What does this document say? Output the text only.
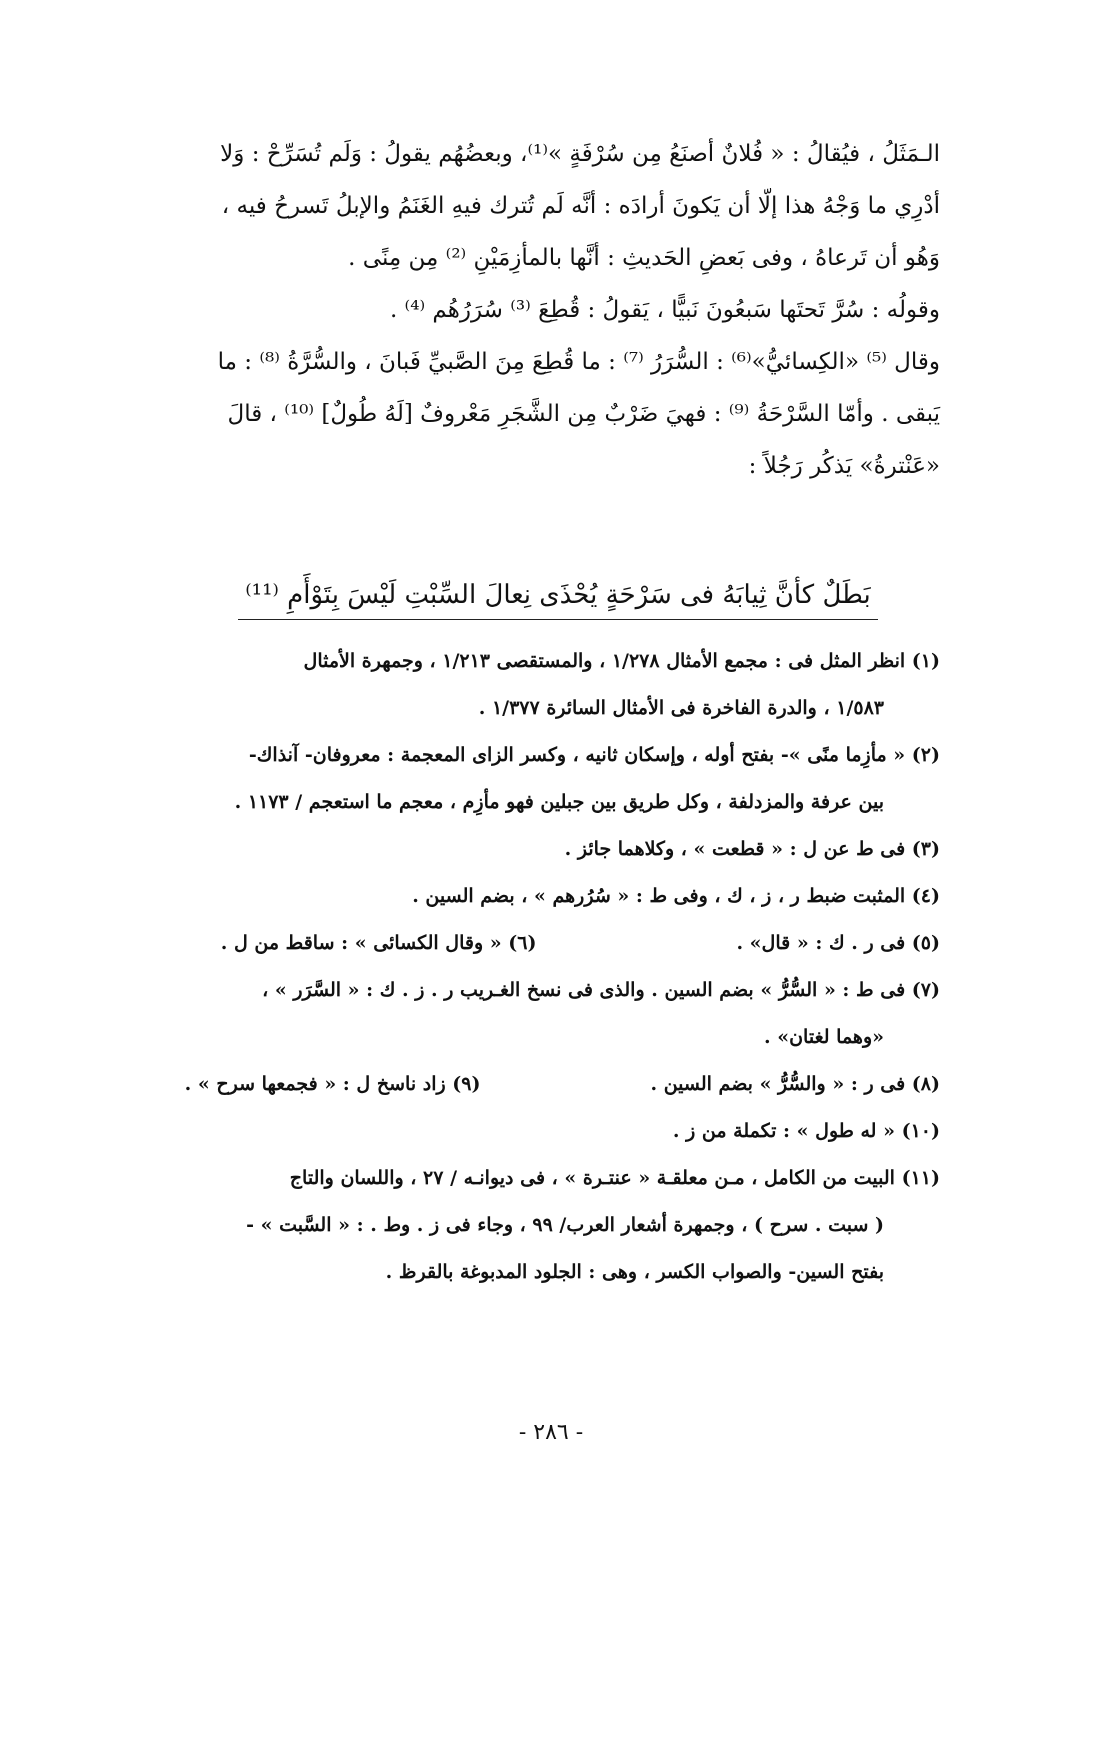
الـمَثَلُ ، فيُقالُ : « فُلانٌ أصنَعُ مِن سُرْفَةٍ »⁽¹⁾، وبعضُهُم يقولُ : وَلَم تُسَرِّحْ : وَلا

أدْرِي ما وَجْهُ هذا إلّا أن يَكونَ أرادَه : أنَّه لَم تُترك فيهِ الغَنَمُ والإبلُ تَسرحُ فيه ،

وَهُو أن تَرعاهُ ، وفى بَعضِ الحَديثِ : أنَّها بالمأزِمَيْنِ ⁽²⁾ مِن مِنًى .

وقولُه : سُرَّ تَحتَها سَبعُونَ نَبيًّا ، يَقولُ : قُطِعَ ⁽³⁾ سُرَرُهُم ⁽⁴⁾ .

وقال ⁽⁵⁾ «الكِسائيُّ»⁽⁶⁾ : السُّرَرُ ⁽⁷⁾ : ما قُطِعَ مِنَ الصَّبيِّ فَبانَ ، والسُّرَّةُ ⁽⁸⁾ : ما

يَبقى . وأمّا السَّرْحَةُ ⁽⁹⁾ : فهيَ ضَرْبٌ مِن الشَّجَرِ مَعْروفٌ [لَهُ طُولٌ] ⁽¹⁰⁾ ، قالَ

«عَنْترةُ» يَذكُر رَجُلاً :

بَطَلٌ كأنَّ ثِيابَهُ فى سَرْحَةٍ يُحْذَى نِعالَ السِّبْتِ لَيْسَ بِتَوْأَمِ ⁽¹¹⁾

(١) انظر المثل فى : مجمع الأمثال ١/٢٧٨ ، والمستقصى ١/٢١٣ ، وجمهرة الأمثال

١/٥٨٣ ، والدرة الفاخرة فى الأمثال السائرة ١/٣٧٧ .

(٢) « مأزِما منًى »- بفتح أوله ، وإسكان ثانيه ، وكسر الزاى المعجمة : معروفان- آنذاك-

بين عرفة والمزدلفة ، وكل طريق بين جبلين فهو مأزِم ، معجم ما استعجم / ١١٧٣ .

(٣) فى ط عن ل : « قطعت » ، وكلاهما جائز .

(٤) المثبت ضبط ر ، ز ، ك ، وفى ط : « سُرُرهم » ، بضم السين .

(٥) فى ر . ك : « قال» .
(٦) « وقال الكسائى » : ساقط من ل .

(٧) فى ط : « السُّرُّ » بضم السين . والذى فى نسخ الغـريب ر . ز . ك : « السَّرَر » ،

«وهما لغتان» .

(٨) فى ر : « والسُّرُّ » بضم السين .
(٩) زاد ناسخ ل : « فجمعها سرح » .

(١٠) « له طول » : تكملة من ز .

(١١) البيت من الكامل ، مـن معلقـة « عنتـرة » ، فى ديوانـه / ٢٧ ، واللسان والتاج

( سبت . سرح ) ، وجمهرة أشعار العرب/ ٩٩ ، وجاء فى ز . وط . : « السَّبت » -

بفتح السين- والصواب الكسر ، وهى : الجلود المدبوغة بالقرظ .

- ٢٨٦ -
